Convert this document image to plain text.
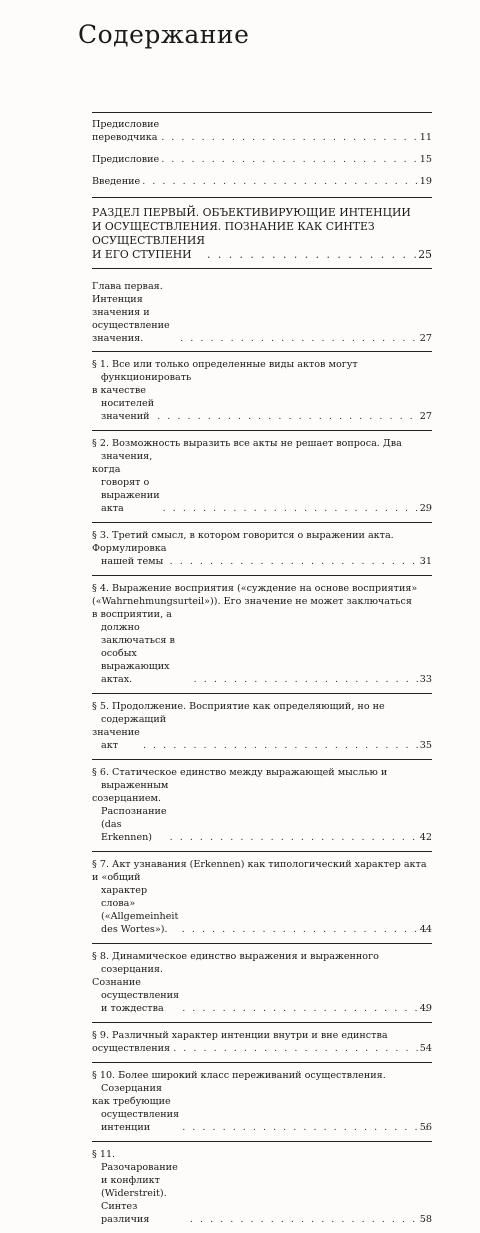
Содержание
Предисловие переводчика . . .	11
Предисловие . . .	15
Введение . . .	19
РАЗДЕЛ ПЕРВЫЙ. ОБЪЕКТИВИРУЮЩИЕ ИНТЕНЦИИ
И ОСУЩЕСТВЛЕНИЯ. ПОЗНАНИЕ КАК СИНТЕЗ
ОСУЩЕСТВЛЕНИЯ И ЕГО СТУПЕНИ . . .	25
Глава первая. Интенция значения и осуществление значения. . . .	27
§ 1. Все или только определенные виды актов могут функционировать
в качестве носителей значений . . .	27
§ 2. Возможность выразить все акты не решает вопроса. Два значения,
когда говорят о выражении акта . . .	29
§ 3. Третий смысл, в котором говорится о выражении акта.
Формулировка нашей темы . . .	31
§ 4. Выражение восприятия («суждение на основе восприятия»
(«Wahrnehmungsurteil»)). Его значение не может заключаться
в восприятии, а должно заключаться в особых выражающих актах. . . .	33
§ 5. Продолжение. Восприятие как определяющий, но не содержащий
значение акт . . .	35
§ 6. Статическое единство между выражающей мыслью и выраженным
созерцанием. Распознание (das Erkennen) . . .	42
§ 7. Акт узнавания (Erkennen) как типологический характер акта
и «общий характер слова» («Allgemeinheit des Wortes»). . . .	44
§ 8. Динамическое единство выражения и выраженного созерцания.
Сознание осуществления и тождества . . .	49
§ 9. Различный характер интенции внутри и вне единства
осуществления . . .	54
§ 10. Более широкий класс переживаний осуществления. Созерцания
как требующие осуществления интенции . . .	56
§ 11. Разочарование и конфликт (Widerstreit). Синтез различия . . .	58
